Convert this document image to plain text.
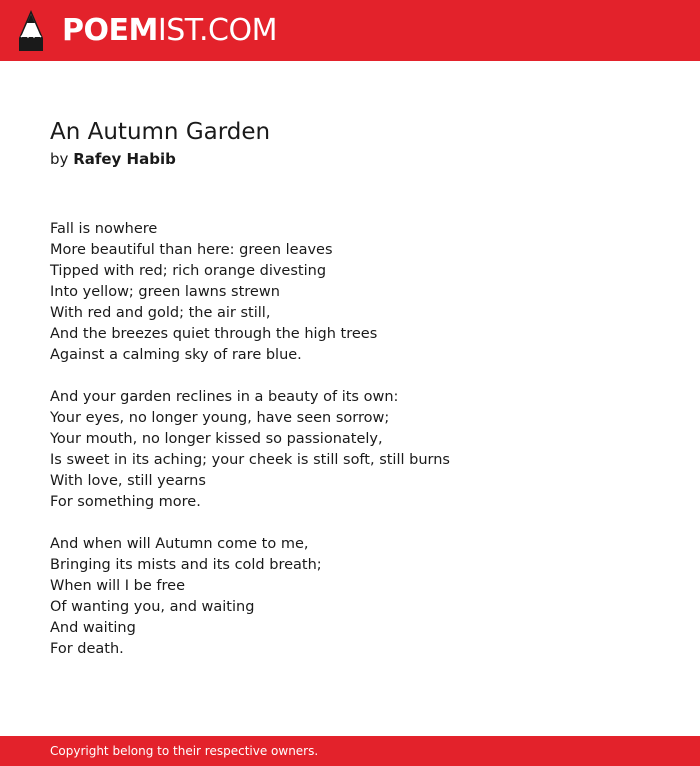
POEMIST.COM
An Autumn Garden
by Rafey Habib
Fall is nowhere
More beautiful than here: green leaves
Tipped with red; rich orange divesting
Into yellow; green lawns strewn
With red and gold; the air still,
And the breezes quiet through the high trees
Against a calming sky of rare blue.
And your garden reclines in a beauty of its own:
Your eyes, no longer young, have seen sorrow;
Your mouth, no longer kissed so passionately,
Is sweet in its aching; your cheek is still soft, still burns
With love, still yearns
For something more.
And when will Autumn come to me,
Bringing its mists and its cold breath;
When will I be free
Of wanting you, and waiting
And waiting
For death.
Copyright belong to their respective owners.
